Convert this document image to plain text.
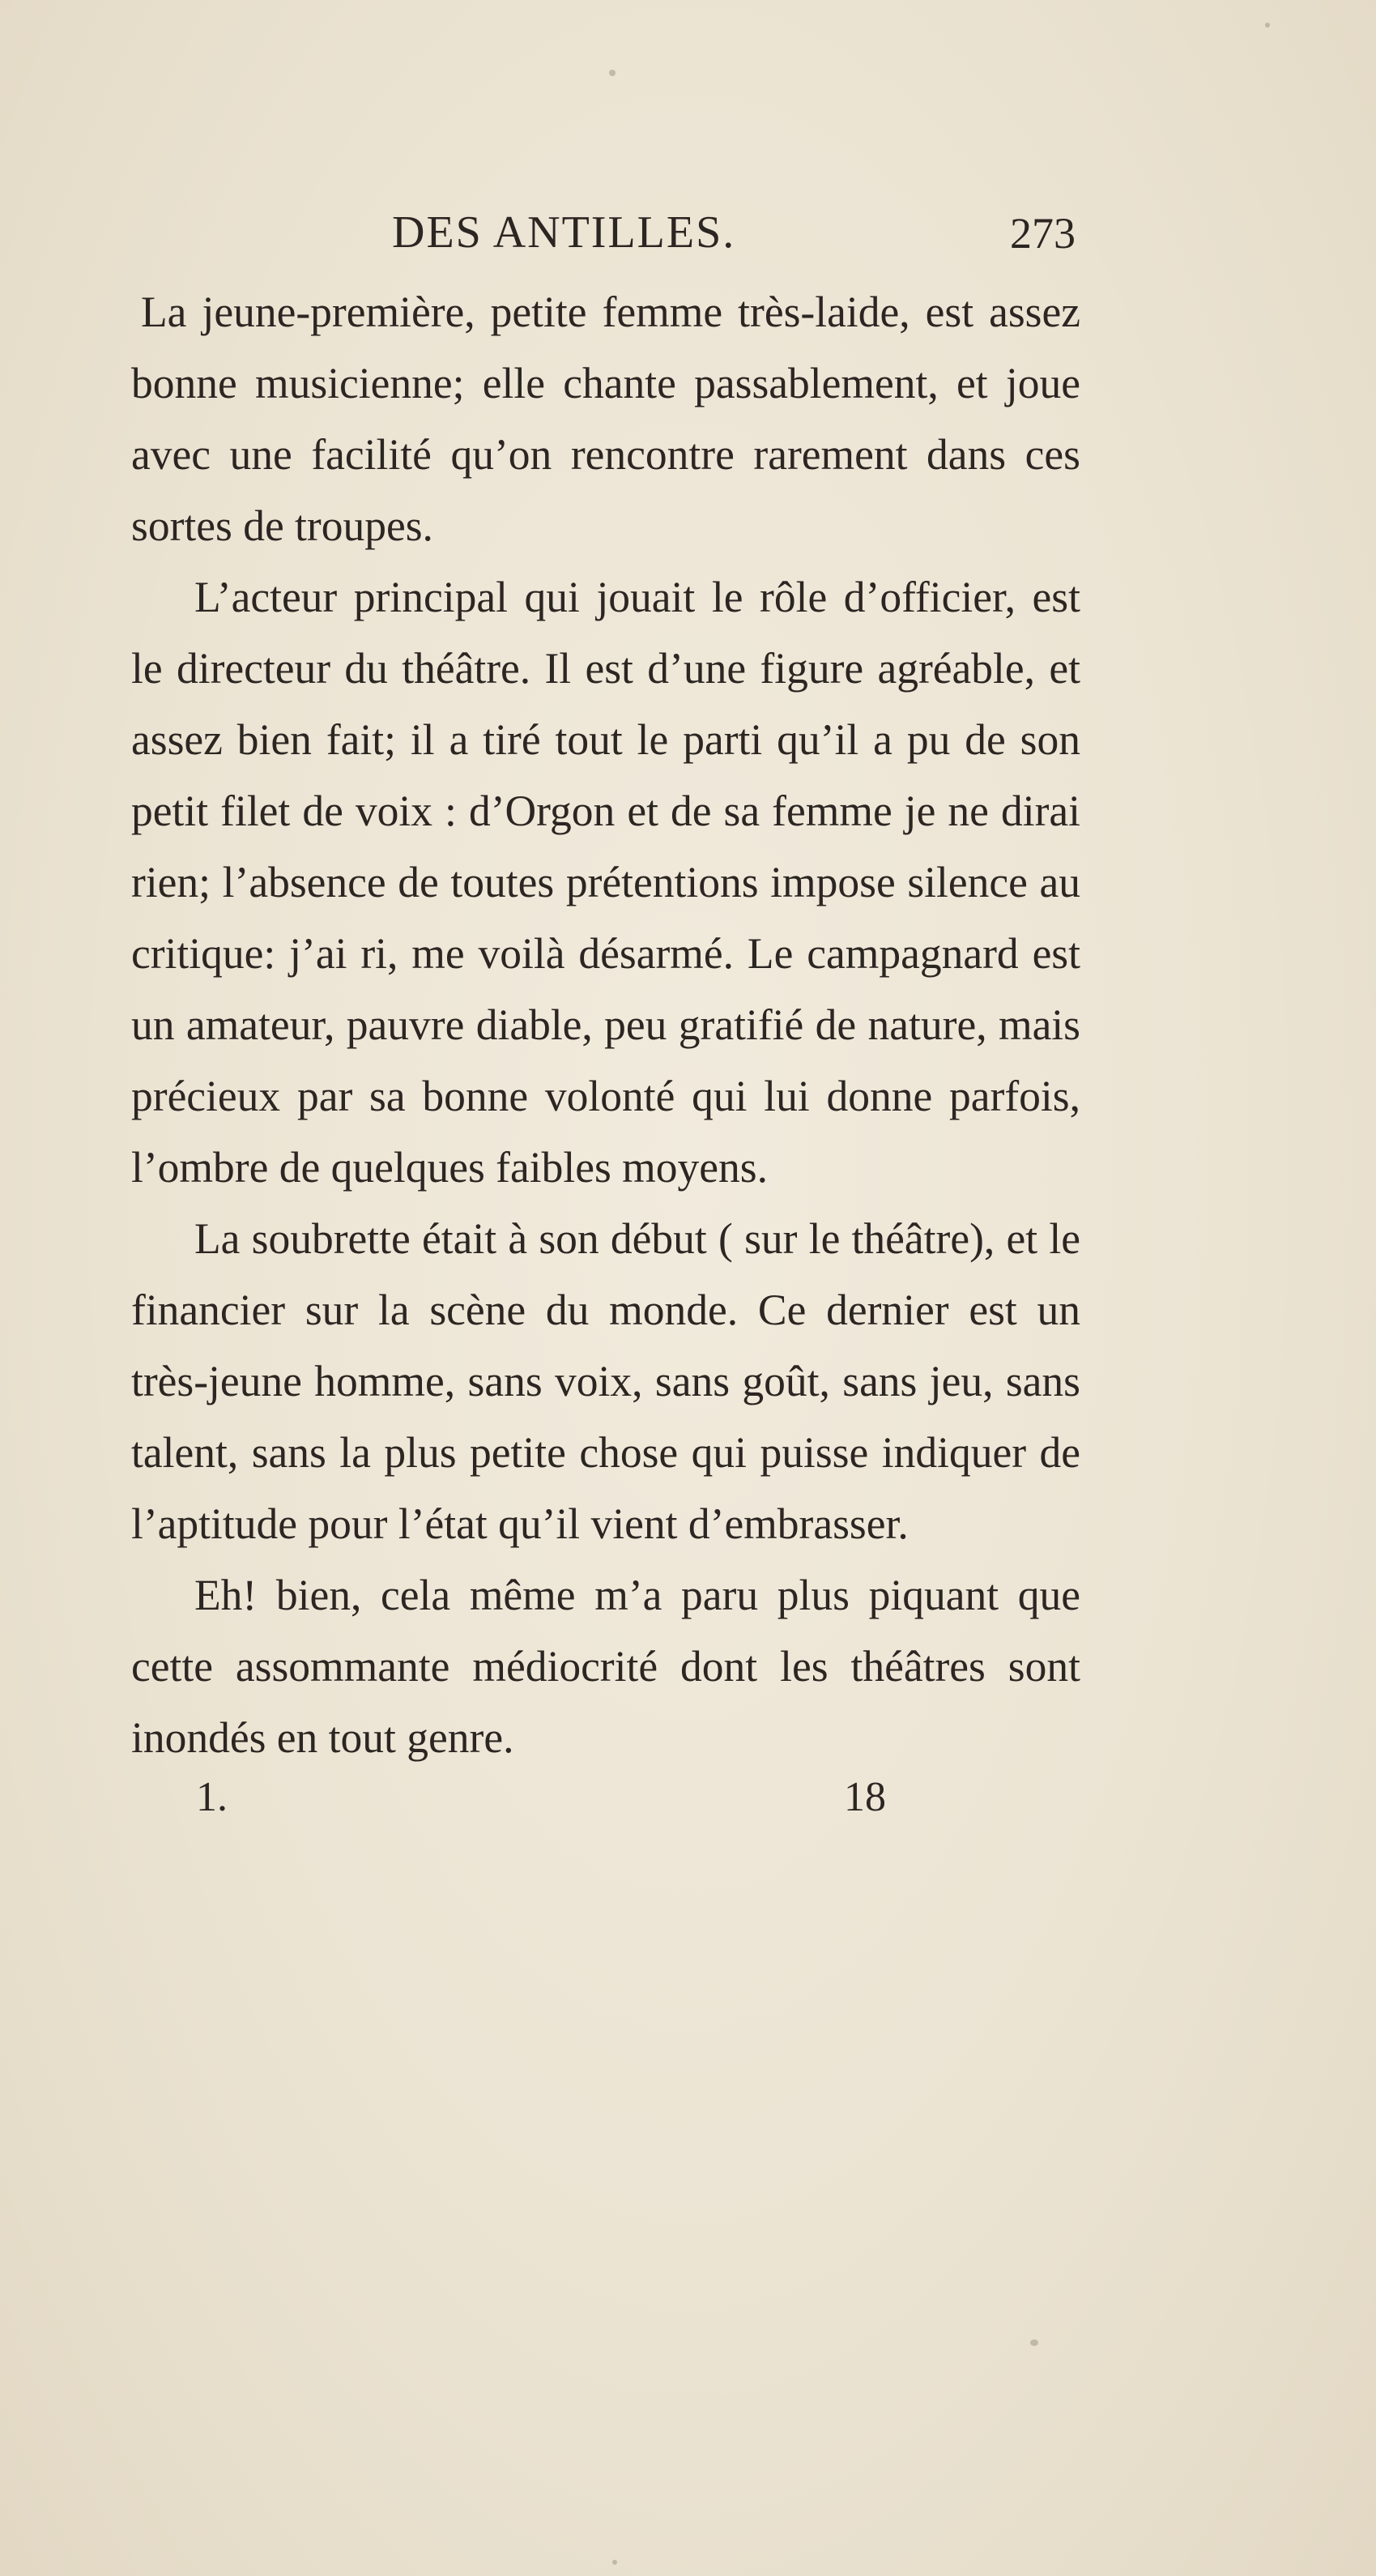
DES ANTILLES.	273

La jeune-première, petite femme très-laide, est assez bonne musicienne; elle chante passablement, et joue avec une facilité qu’on rencontre rarement dans ces sortes de troupes.

L’acteur principal qui jouait le rôle d’officier, est le directeur du théâtre. Il est d’une figure agréable, et assez bien fait; il a tiré tout le parti qu’il a pu de son petit filet de voix : d’Orgon et de sa femme je ne dirai rien; l’absence de toutes prétentions impose silence au critique: j’ai ri, me voilà désarmé. Le campagnard est un amateur, pauvre diable, peu gratifié de nature, mais précieux par sa bonne volonté qui lui donne parfois, l’ombre de quelques faibles moyens.

La soubrette était à son début ( sur le théâtre), et le financier sur la scène du monde. Ce dernier est un très-jeune homme, sans voix, sans goût, sans jeu, sans talent, sans la plus petite chose qui puisse indiquer de l’aptitude pour l’état qu’il vient d’embrasser.

Eh! bien, cela même m’a paru plus piquant que cette assommante médiocrité dont les théâtres sont inondés en tout genre.

1.	18
